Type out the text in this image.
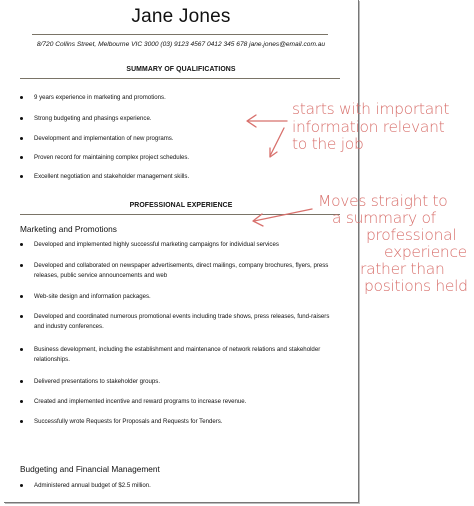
Jane Jones
8/720 Collins Street, Melbourne VIC 3000 (03) 9123 4567 0412 345 678 jane.jones@email.com.au
SUMMARY OF QUALIFICATIONS
9 years experience in marketing and promotions.
Strong budgeting and phasings experience.
Development and implementation of new programs.
Proven record for maintaining complex project schedules.
Excellent negotiation and stakeholder management skills.
PROFESSIONAL EXPERIENCE
Marketing and Promotions
Developed and implemented highly successful marketing campaigns for individual services
Developed and collaborated on newspaper advertisements, direct mailings, company brochures, flyers, press releases, public service announcements and web
Web-site design and information packages.
Developed and coordinated numerous promotional events including trade shows, press releases, fund-raisers and industry conferences.
Business development, including the establishment and maintenance of network relations and stakeholder relationships.
Delivered presentations to stakeholder groups.
Created and implemented incentive and reward programs to increase revenue.
Successfully wrote Requests for Proposals and Requests for Tenders.
Budgeting and Financial Management
Administered annual budget of $2.5 million.
starts with important
information relevant
to the job
Moves straight to
a summary of
professional
experience
rather than
positions held
